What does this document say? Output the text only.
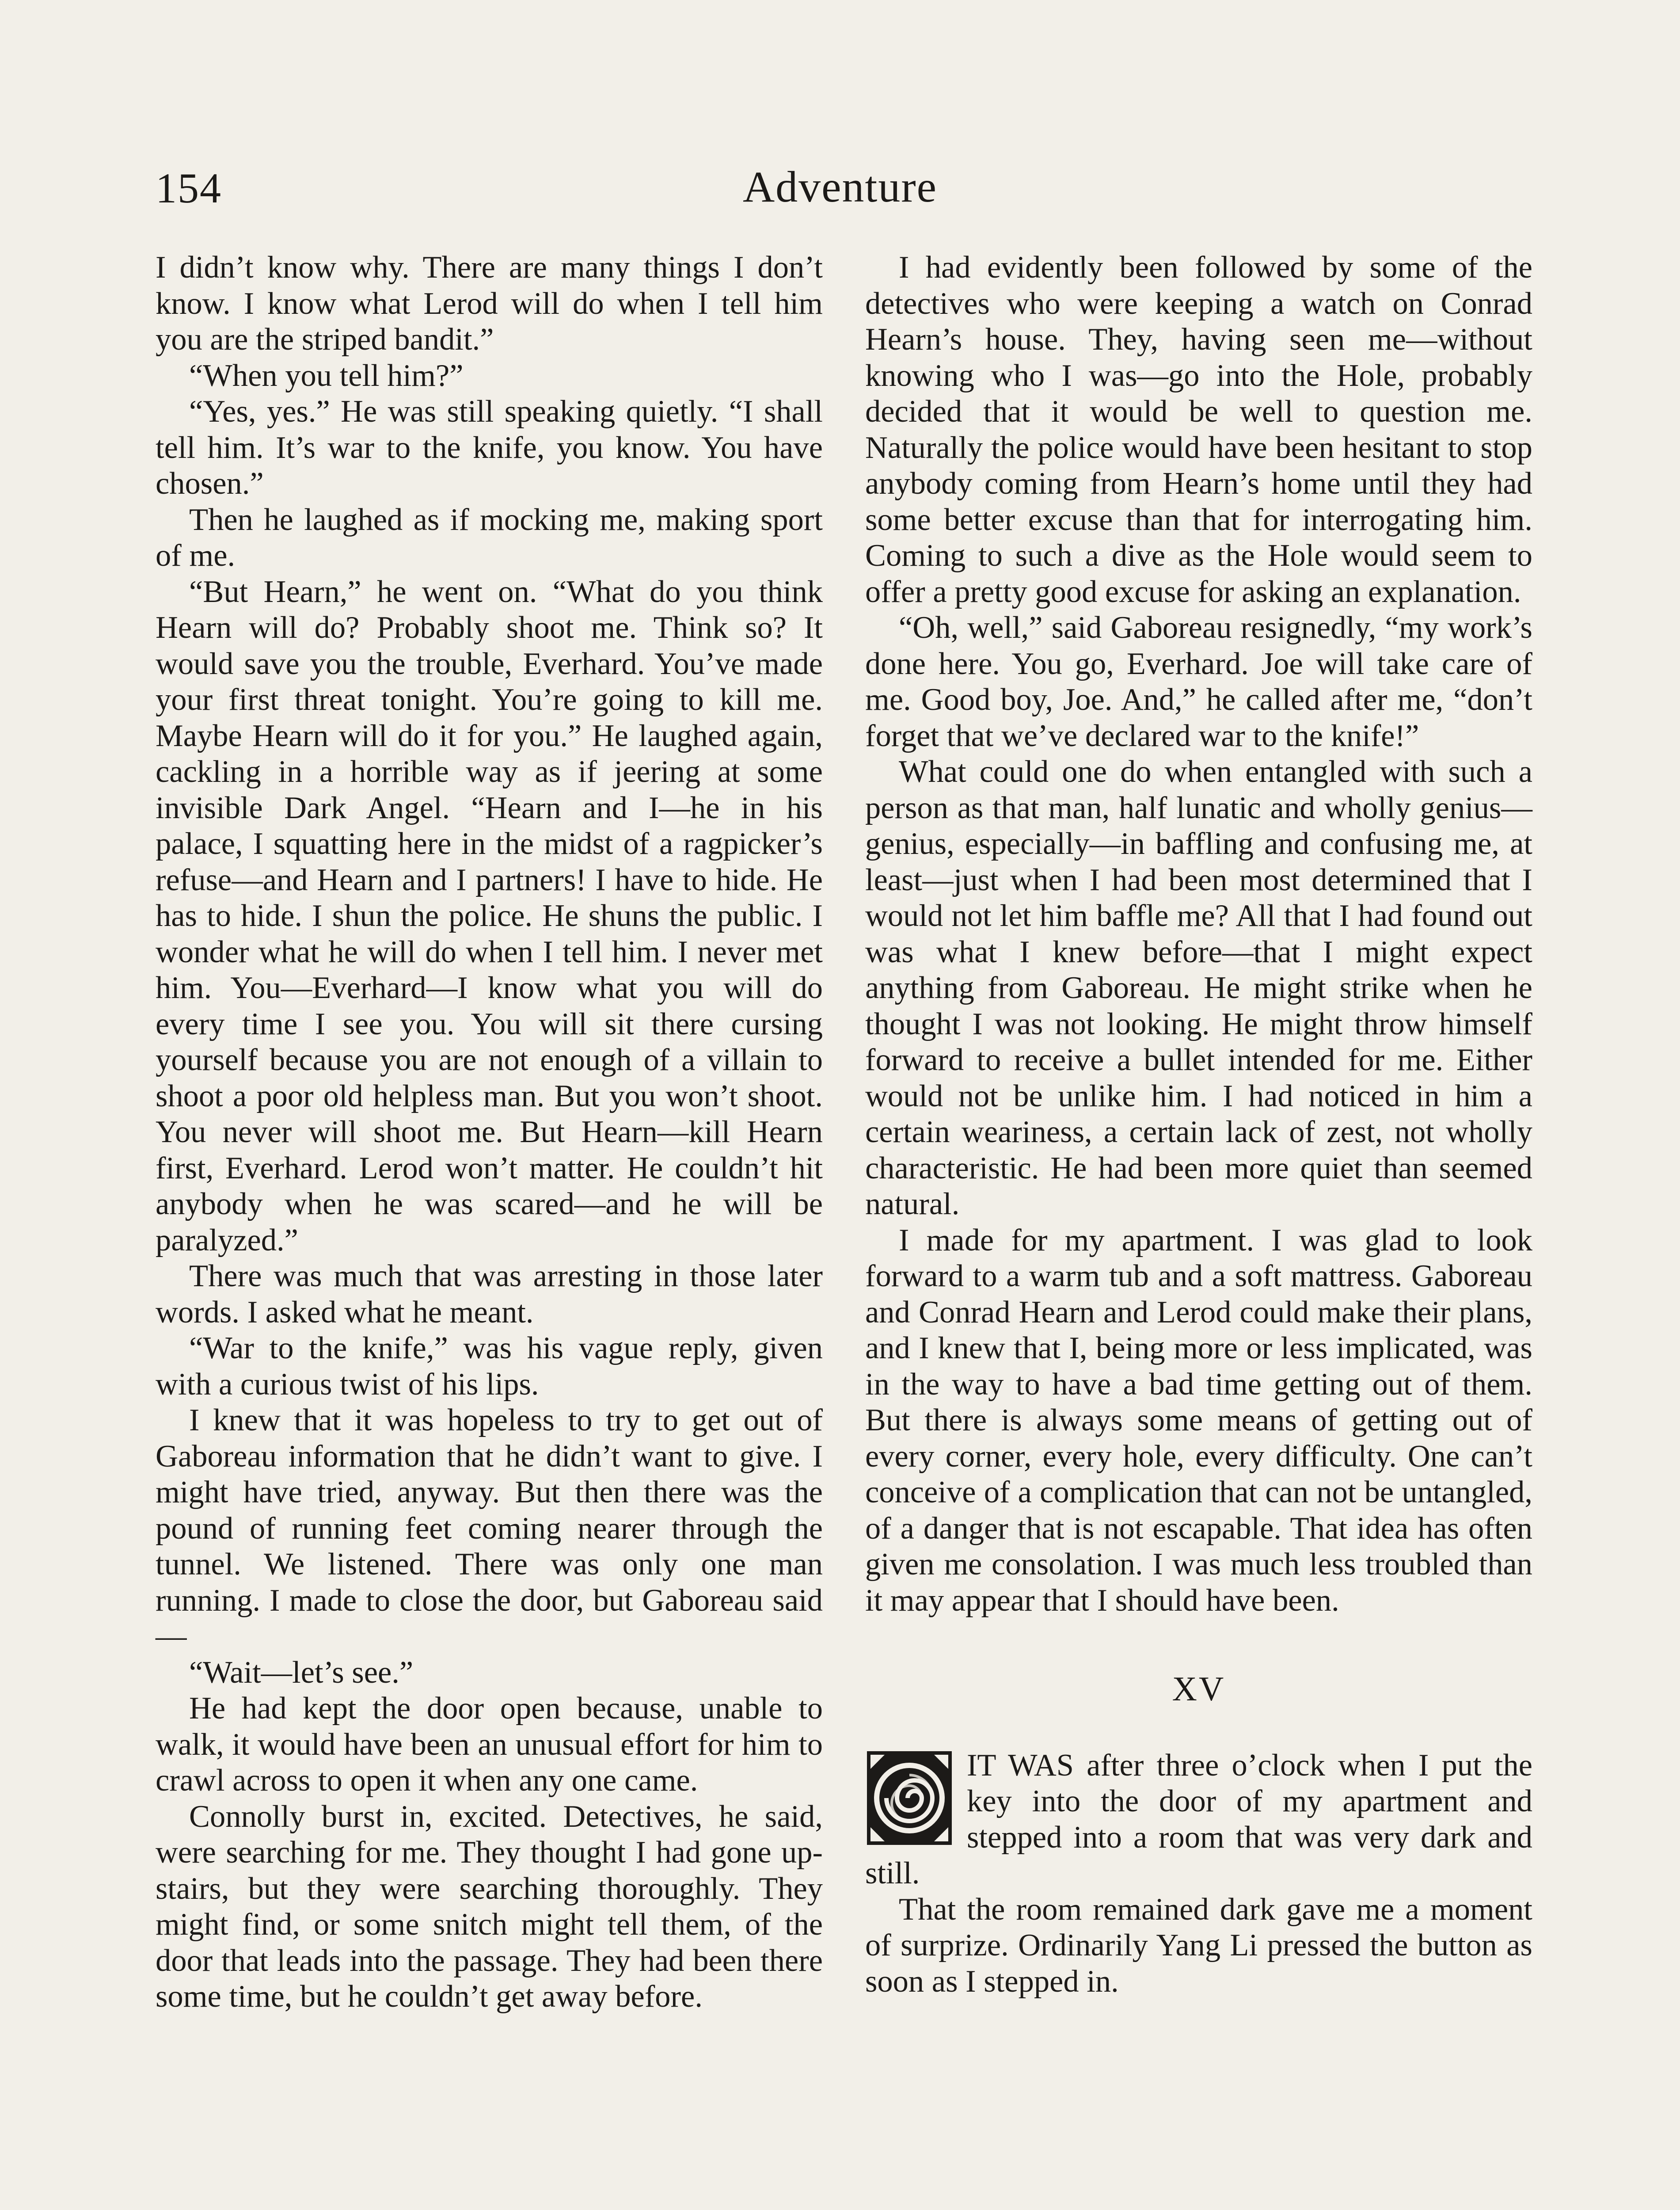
154	Adventure

I didn’t know why. There are many things I don’t know. I know what Lerod will do when I tell him you are the striped bandit.”

“When you tell him?”

“Yes, yes.” He was still speaking quietly. “I shall tell him. It’s war to the knife, you know. You have chosen.”

Then he laughed as if mocking me, making sport of me.

“But Hearn,” he went on. “What do you think Hearn will do? Probably shoot me. Think so? It would save you the trouble, Everhard. You’ve made your first threat tonight. You’re going to kill me. Maybe Hearn will do it for you.” He laughed again, cackling in a horrible way as if jeering at some invisible Dark Angel. “Hearn and I—he in his palace, I squatting here in the midst of a ragpicker’s refuse—and Hearn and I partners! I have to hide. He has to hide. I shun the police. He shuns the public. I wonder what he will do when I tell him. I never met him. You—Everhard—I know what you will do every time I see you. You will sit there cursing yourself because you are not enough of a villain to shoot a poor old helpless man. But you won’t shoot. You never will shoot me. But Hearn—kill Hearn first, Everhard. Lerod won’t matter. He couldn’t hit anybody when he was scared—and he will be paralyzed.”

There was much that was arresting in those later words. I asked what he meant.

“War to the knife,” was his vague reply, given with a curious twist of his lips.

I knew that it was hopeless to try to get out of Gaboreau information that he didn’t want to give. I might have tried, anyway. But then there was the pound of running feet coming nearer through the tunnel. We listened. There was only one man running. I made to close the door, but Gaboreau said—

“Wait—let’s see.”

He had kept the door open because, unable to walk, it would have been an unusual effort for him to crawl across to open it when any one came.

Connolly burst in, excited. Detectives, he said, were searching for me. They thought I had gone up-stairs, but they were searching thoroughly. They might find, or some snitch might tell them, of the door that leads into the passage. They had been there some time, but he couldn’t get away before.

I had evidently been followed by some of the detectives who were keeping a watch on Conrad Hearn’s house. They, having seen me—without knowing who I was—go into the Hole, probably decided that it would be well to question me. Naturally the police would have been hesitant to stop anybody coming from Hearn’s home until they had some better excuse than that for interrogating him. Coming to such a dive as the Hole would seem to offer a pretty good excuse for asking an explanation.

“Oh, well,” said Gaboreau resignedly, “my work’s done here. You go, Everhard. Joe will take care of me. Good boy, Joe. And,” he called after me, “don’t forget that we’ve declared war to the knife!”

What could one do when entangled with such a person as that man, half lunatic and wholly genius—genius, especially—in baffling and confusing me, at least—just when I had been most determined that I would not let him baffle me? All that I had found out was what I knew before—that I might expect anything from Gaboreau. He might strike when he thought I was not looking. He might throw himself forward to receive a bullet intended for me. Either would not be unlike him. I had noticed in him a certain weariness, a certain lack of zest, not wholly characteristic. He had been more quiet than seemed natural.

I made for my apartment. I was glad to look forward to a warm tub and a soft mattress. Gaboreau and Conrad Hearn and Lerod could make their plans, and I knew that I, being more or less implicated, was in the way to have a bad time getting out of them. But there is always some means of getting out of every corner, every hole, every difficulty. One can’t conceive of a complication that can not be untangled, of a danger that is not escapable. That idea has often given me consolation. I was much less troubled than it may appear that I should have been.

XV

IT WAS after three o’clock when I put the key into the door of my apartment and stepped into a room that was very dark and still.

That the room remained dark gave me a moment of surprize. Ordinarily Yang Li pressed the button as soon as I stepped in.
